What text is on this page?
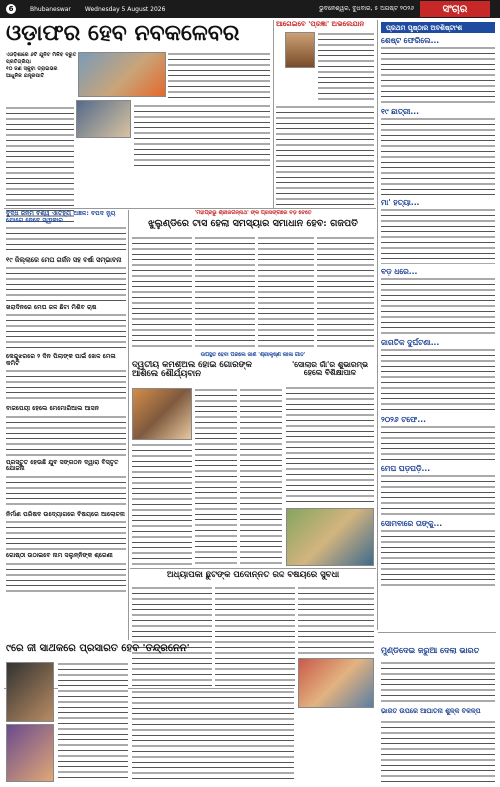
6	Bhubaneswar Wednesday 5 August 2026	ଭୁବନେଶ୍ୱର, ବୁଧବାର, ୫ ଅଗଷ୍ଟ ୨୦୨୬	ସଂଚାର
ଓଡ଼ାଫର ହେବ ନବକଳେବର
ଏଓଡ଼ିଶାରେ ୬ଟି ଯୁନିଟ ମିଳିବ ଦ୍ରୁତ ପ୍ରତିଗ୍ରିୟା
୧୦ ଜଣ ସ୍କୁବା ଡ୍ରାଇଭର
ଆଧୁନିକ ଯନ୍ତ୍ରପାତି
ଆଗେଇବେ 'ପ୍ରଜ୍ଞା' ଅଭଲେଯାନ	ପ୍ରଥମ ପୃଷ୍ଠାର ଅବଶିଷ୍ଟାଂଶ
ଶେଷ୍ଟ ଫେରିଲେ...
୧୯ ଛାତ୍ରୀ...
ମା' ହତ୍ୟା...
ବଡ଼ ଧରେ...
ଜାଗତିକ ଦୁର୍ଘଟଣା...
୨୦୨୬ ଟଫେ...
ମେଘ ଘଡ଼ଘଡ଼ି...
ସୋମବାରେ ତାଙ୍କୁ...
ବୁଦ୍ଧ ଜନ୍ମ ବିଶ୍ୱ ଐତିହ୍ୟ ଅଞ୍ଚଳ: ବିପଦ ନ୍ୟୁ ଯୋଗେ ନେବେ ସ୍ୱୀକାର
୧୯ ଜିଲ୍ଲାରେ ମେଘ ଗର୍ଜନ ସହ ବର୍ଷା ସମ୍ଭାବନା
ଖରାଦିନରେ ମେଘ ଜଳ ଛିଟା ମିଶିବ ଚାଷ
କେନ୍ଦୁଝରରେ ୨ ଦିନ ପିଲାଙ୍କ ପାଇଁ ଖେଳ ମେଳା କମିଟି
ବାଜପେୟୀ ହେଲେ ମେମୋରିଆଲ ଆସନ
ପ୍ରସ୍ତୁତ ହେଉଛି ଯୁବ ସଙ୍ଗଠନ ଦ୍ୱାରା ବିସ୍ତୃତ ଯୋଜନା
ନିର୍ମାଣ ପରିଷଦ ଉଦ୍ୟୋଗରେ ବିଷୟରେ ଆଲୋଚନା
ଗୋଷ୍ଠୀ ଉଠାଇବେ ନାମ ସଲୁନ୍ନିଙ୍କ ଶ୍ରେଣୀ
'ମହାପ୍ରଭୁ ଶ୍ରୀଜଗନ୍ନାଥ' ଙ୍କ ପ୍ରସଙ୍ଗରେ ବଡ଼ ଚେତେଁ
ଝୁଲୁଣ୍ଡିରେ ଟାସ ହେଲା ସମସ୍ୟାର ସମାଧାନ ହେବ: ଗଜପତି
ଉପସ୍ଥିତ ହେବା ପରିଲେ ଜାଣ 'ଶ୍ରୀକୃଷ୍ଣ ଲୀଳା ଗୀତ'
ଦ୍ୱିତୀୟ କମର୍ଶିଅଲ ହୋଇ ଗୋରଙ୍କ ଆଶିଲେ ଶୌର୍ଯ୍ୟବାନ
'ସୋଲାର ଗାଁ'ର ଶୁଭାରମ୍ଭ ହେଲେ ବିଶିକ୍ଷାପାଳ
ଅଧ୍ୟାପିକା ଛୁଟିଙ୍କ ପଦୋନ୍ନତି ରଦ୍ଦ ବିଷୟରେ ସୁବିଧା
୯ରେ ଜୀ ସାର୍ଥକରେ ପ୍ରସାରିତ ହେବ 'ତନ୍ଦ୍ରନେନ'	ମୁଣ୍ଡିଦେଇ ଜରୁଆ ଦେଲା ଭାରତ
ଭାରତ ଉପରେ ଆଘାତନା ଶୁଳ୍କ ବିକଳ୍ପ
